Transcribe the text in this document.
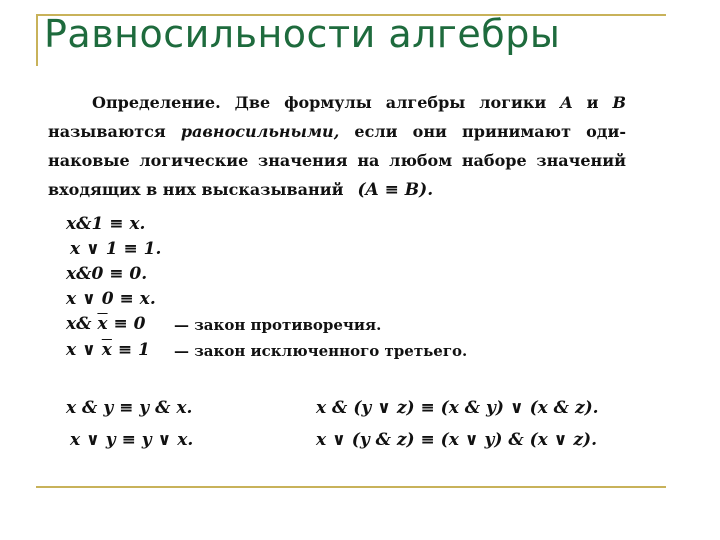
Равносильности алгебры

Определение. Две формулы алгебры логики A и B

называются равносильными, если они принимают оди-

наковые логические значения на любом наборе значений

входящих в них высказываний (A ≡ B).

x&1 ≡ x.
x ∨ 1 ≡ 1.
x&0 ≡ 0.
x ∨ 0 ≡ x.
x& $\overline{x} \equiv 0$ — закон противоречия.
x ∨ $\overline{x} \equiv 1$ — закон исключенного третьего.
x & y ≡ y & x.
x ∨ y ≡ y ∨ x.
x & (y ∨ z) ≡ (x & y) ∨ (x & z).
x ∨ (y & z) ≡ (x ∨ y) & (x ∨ z).
